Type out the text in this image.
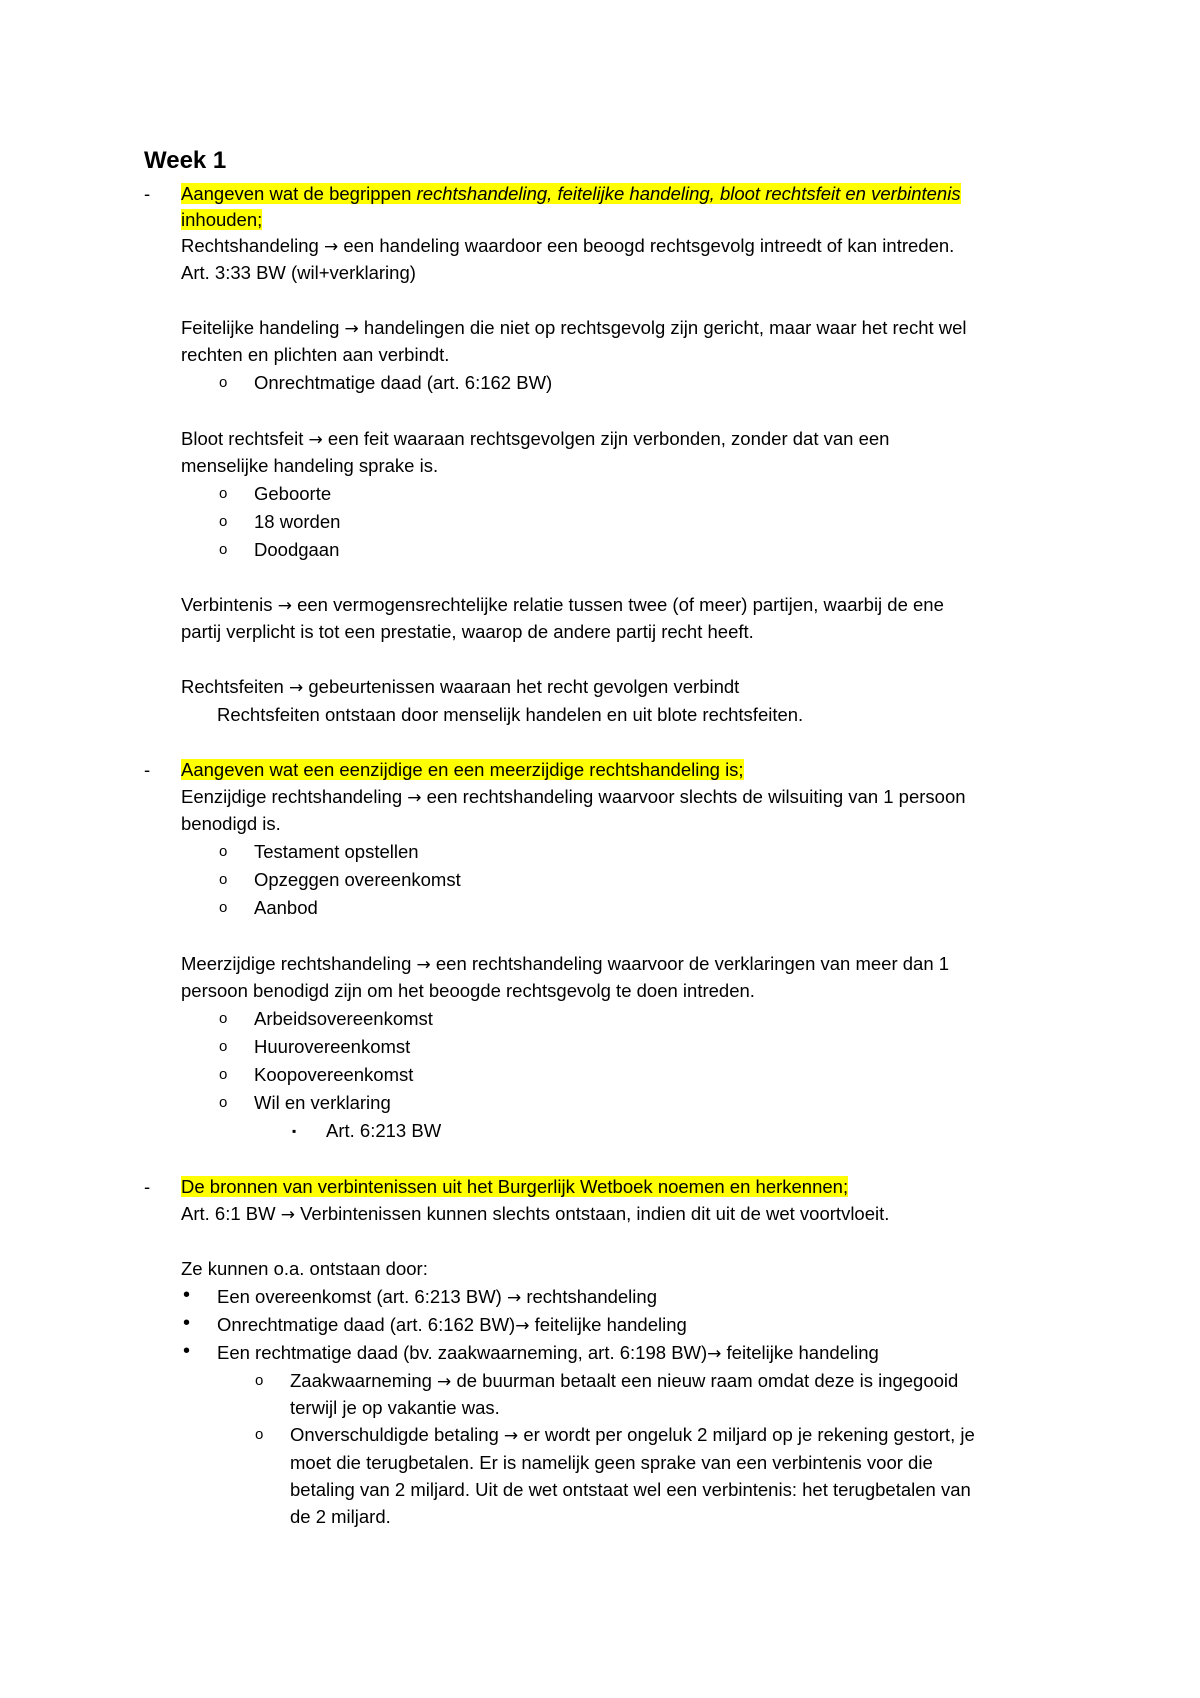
Week 1
- Aangeven wat de begrippen rechtshandeling, feitelijke handeling, bloot rechtsfeit en verbintenis
inhouden;
Rechtshandeling → een handeling waardoor een beoogd rechtsgevolg intreedt of kan intreden.
Art. 3:33 BW (wil+verklaring)
Feitelijke handeling → handelingen die niet op rechtsgevolg zijn gericht, maar waar het recht wel
rechten en plichten aan verbindt.
o Onrechtmatige daad (art. 6:162 BW)
Bloot rechtsfeit → een feit waaraan rechtsgevolgen zijn verbonden, zonder dat van een
menselijke handeling sprake is.
o Geboorte
o 18 worden
o Doodgaan
Verbintenis → een vermogensrechtelijke relatie tussen twee (of meer) partijen, waarbij de ene
partij verplicht is tot een prestatie, waarop de andere partij recht heeft.
Rechtsfeiten → gebeurtenissen waaraan het recht gevolgen verbindt
Rechtsfeiten ontstaan door menselijk handelen en uit blote rechtsfeiten.
- Aangeven wat een eenzijdige en een meerzijdige rechtshandeling is;
Eenzijdige rechtshandeling → een rechtshandeling waarvoor slechts de wilsuiting van 1 persoon
benodigd is.
o Testament opstellen
o Opzeggen overeenkomst
o Aanbod
Meerzijdige rechtshandeling → een rechtshandeling waarvoor de verklaringen van meer dan 1
persoon benodigd zijn om het beoogde rechtsgevolg te doen intreden.
o Arbeidsovereenkomst
o Huurovereenkomst
o Koopovereenkomst
o Wil en verklaring
▪ Art. 6:213 BW
- De bronnen van verbintenissen uit het Burgerlijk Wetboek noemen en herkennen;
Art. 6:1 BW → Verbintenissen kunnen slechts ontstaan, indien dit uit de wet voortvloeit.
Ze kunnen o.a. ontstaan door:
• Een overeenkomst (art. 6:213 BW) → rechtshandeling
• Onrechtmatige daad (art. 6:162 BW)→ feitelijke handeling
• Een rechtmatige daad (bv. zaakwaarneming, art. 6:198 BW)→ feitelijke handeling
o Zaakwaarneming → de buurman betaalt een nieuw raam omdat deze is ingegooid
terwijl je op vakantie was.
o Onverschuldigde betaling → er wordt per ongeluk 2 miljard op je rekening gestort, je
moet die terugbetalen. Er is namelijk geen sprake van een verbintenis voor die
betaling van 2 miljard. Uit de wet ontstaat wel een verbintenis: het terugbetalen van
de 2 miljard.
